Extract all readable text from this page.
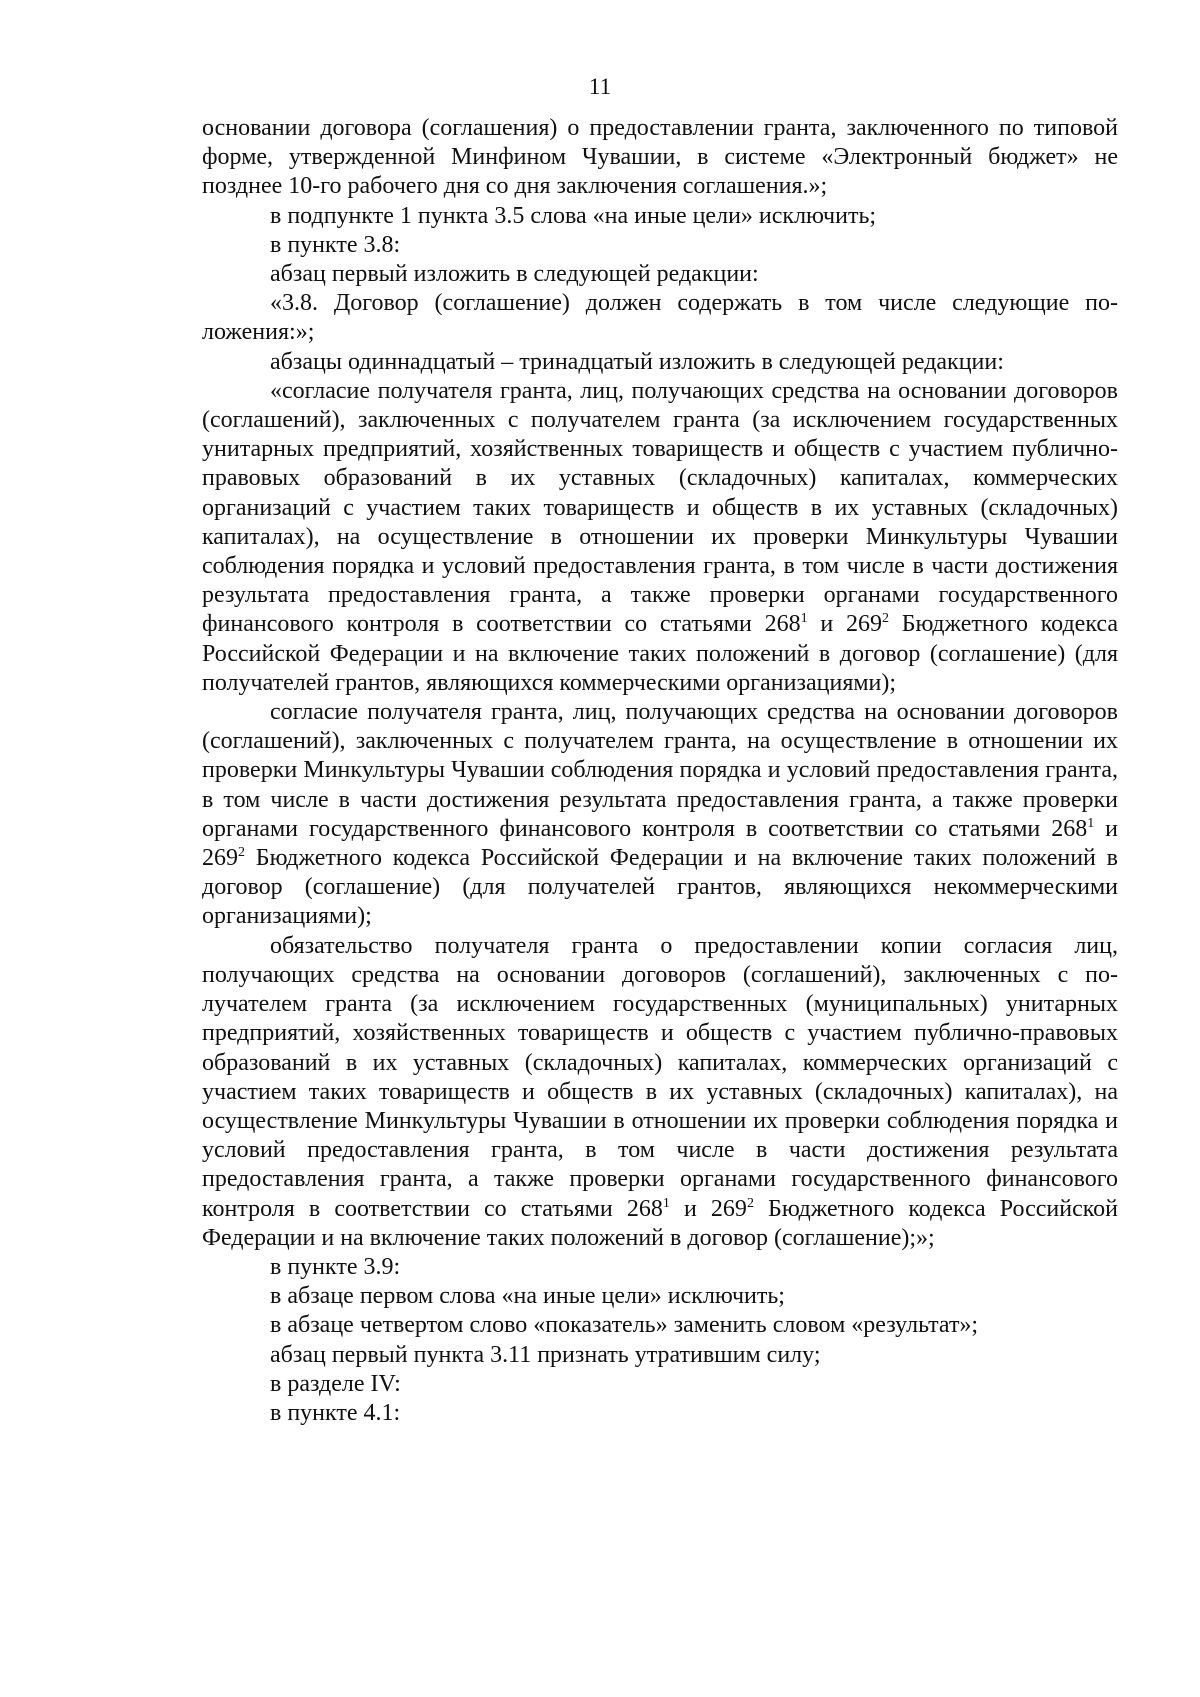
11

основании договора (соглашения) о предоставлении гранта, заключенного по типовой форме, утвержденной Минфином Чувашии, в системе «Электронный бюджет» не позднее 10-го рабочего дня со дня заключения соглашения.»;

в подпункте 1 пункта 3.5 слова «на иные цели» исключить;

в пункте 3.8:

абзац первый изложить в следующей редакции:

«3.8. Договор (соглашение) должен содержать в том числе следующие положения:»;

абзацы одиннадцатый – тринадцатый изложить в следующей редакции:

«согласие получателя гранта, лиц, получающих средства на основании договоров (соглашений), заключенных с получателем гранта (за исключением государственных унитарных предприятий, хозяйственных товариществ и обществ с участием публично-правовых образований в их уставных (складочных) капиталах, коммерческих организаций с участием таких товариществ и обществ в их уставных (складочных) капиталах), на осуществление в отношении их проверки Минкультуры Чувашии соблюдения порядка и условий предоставления гранта, в том числе в части достижения результата предоставления гранта, а также проверки органами государственного финансового контроля в соответствии со статьями $268^1$ и $269^2$ Бюджетного кодекса Российской Федерации и на включение таких положений в договор (соглашение) (для получателей грантов, являющихся коммерческими организациями);

согласие получателя гранта, лиц, получающих средства на основании договоров (соглашений), заключенных с получателем гранта, на осуществление в отношении их проверки Минкультуры Чувашии соблюдения порядка и условий предоставления гранта, в том числе в части достижения результата предоставления гранта, а также проверки органами государственного финансового контроля в соответствии со статьями $268^1$ и $269^2$ Бюджетного кодекса Российской Федерации и на включение таких положений в договор (соглашение) (для получателей грантов, являющихся некоммерческими организациями);

обязательство получателя гранта о предоставлении копии согласия лиц, получающих средства на основании договоров (соглашений), заключенных с получателем гранта (за исключением государственных (муниципальных) унитарных предприятий, хозяйственных товариществ и обществ с участием публично-правовых образований в их уставных (складочных) капиталах, коммерческих организаций с участием таких товариществ и обществ в их уставных (складочных) капиталах), на осуществление Минкультуры Чувашии в отношении их проверки соблюдения порядка и условий предоставления гранта, в том числе в части достижения результата предоставления гранта, а также проверки органами государственного финансового контроля в соответствии со статьями $268^1$ и $269^2$ Бюджетного кодекса Российской Федерации и на включение таких положений в договор (соглашение);»;

в пункте 3.9:

в абзаце первом слова «на иные цели» исключить;

в абзаце четвертом слово «показатель» заменить словом «результат»;

абзац первый пункта 3.11 признать утратившим силу;

в разделе IV:

в пункте 4.1:
